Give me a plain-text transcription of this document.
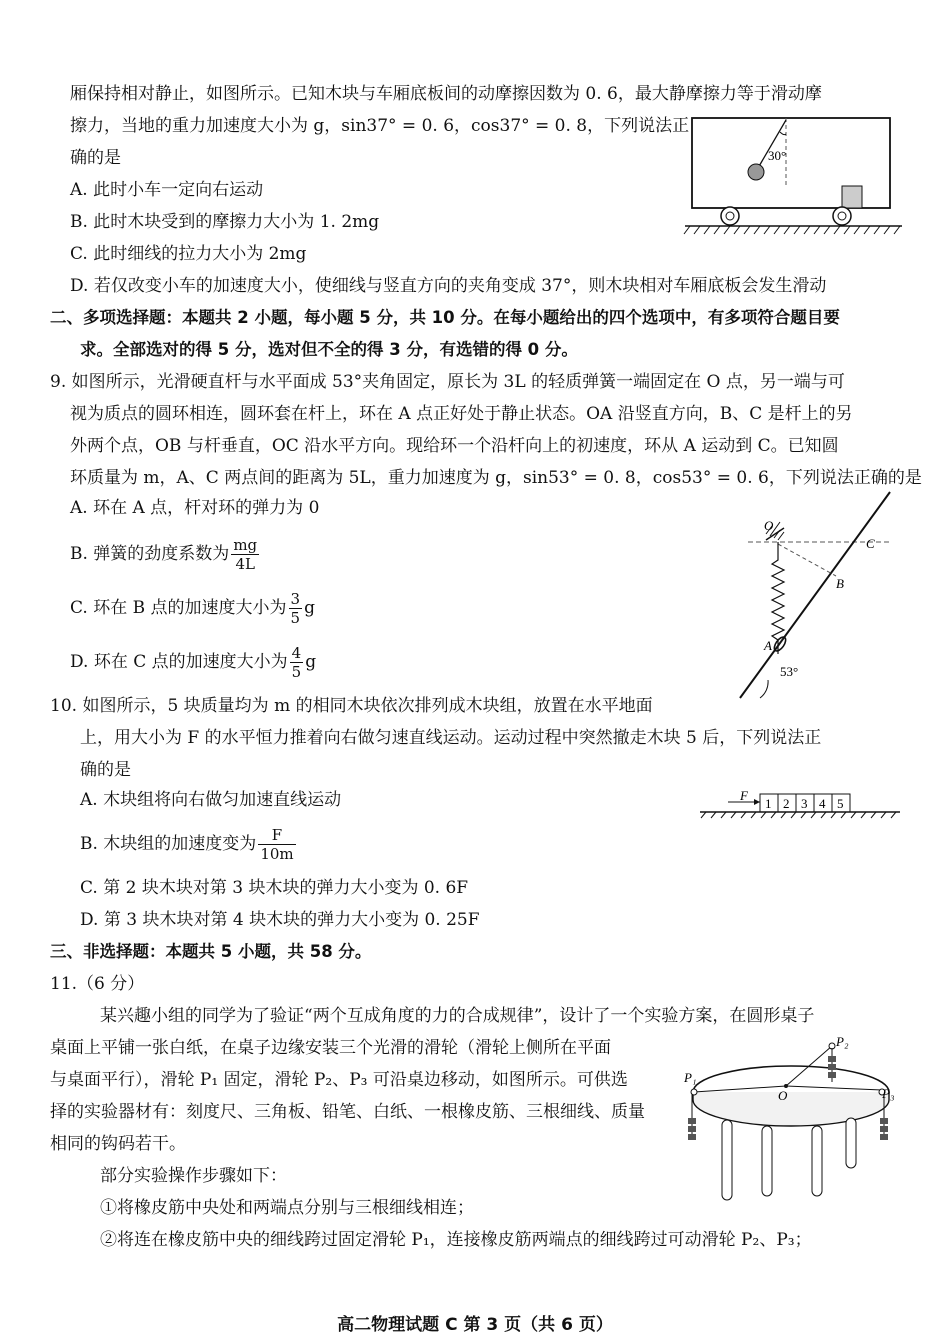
厢保持相对静止，如图所示。已知木块与车厢底板间的动摩擦因数为 0. 6，最大静摩擦力等于滑动摩
擦力，当地的重力加速度大小为 g，sin37° = 0. 6，cos37° = 0. 8，下列说法正
确的是
A. 此时小车一定向右运动
B. 此时木块受到的摩擦力大小为 1. 2mg
C. 此时细线的拉力大小为 2mg
D. 若仅改变小车的加速度大小，使细线与竖直方向的夹角变成 37°，则木块相对车厢底板会发生滑动
30°
二、多项选择题：本题共 2 小题，每小题 5 分，共 10 分。在每小题给出的四个选项中，有多项符合题目要
求。全部选对的得 5 分，选对但不全的得 3 分，有选错的得 0 分。
9. 如图所示，光滑硬直杆与水平面成 53°夹角固定，原长为 3L 的轻质弹簧一端固定在 O 点，另一端与可
视为质点的圆环相连，圆环套在杆上，环在 A 点正好处于静止状态。OA 沿竖直方向，B、C 是杆上的另
外两个点，OB 与杆垂直，OC 沿水平方向。现给环一个沿杆向上的初速度，环从 A 运动到 C。已知圆
环质量为 m，A、C 两点间的距离为 5L，重力加速度为 g，sin53° = 0. 8，cos53° = 0. 6，下列说法正确的是
A. 环在 A 点，杆对环的弹力为 0
B. 弹簧的劲度系数为 $\frac{mg}{4L}$
C. 环在 B 点的加速度大小为 $\frac{3}{5}$ g
D. 环在 C 点的加速度大小为 $\frac{4}{5}$ g
O
A
B
C
53°
10. 如图所示，5 块质量均为 m 的相同木块依次排列成木块组，放置在水平地面
上，用大小为 F 的水平恒力推着向右做匀速直线运动。运动过程中突然撤走木块 5 后，下列说法正
确的是
A. 木块组将向右做匀加速直线运动
B. 木块组的加速度变为 $\frac{F}{10m}$
C. 第 2 块木块对第 3 块木块的弹力大小变为 0. 6F
D. 第 3 块木块对第 4 块木块的弹力大小变为 0. 25F
F
1 2 3 4 5
三、非选择题：本题共 5 小题，共 58 分。
11.（6 分）
某兴趣小组的同学为了验证“两个互成角度的力的合成规律”，设计了一个实验方案，在圆形桌子
桌面上平铺一张白纸，在桌子边缘安装三个光滑的滑轮（滑轮上侧所在平面
与桌面平行），滑轮 P₁ 固定，滑轮 P₂、P₃ 可沿桌边移动，如图所示。可供选
择的实验器材有：刻度尺、三角板、铅笔、白纸、一根橡皮筋、三根细线、质量
相同的钩码若干。
部分实验操作步骤如下：
①将橡皮筋中央处和两端点分别与三根细线相连；
②将连在橡皮筋中央的细线跨过固定滑轮 P₁，连接橡皮筋两端点的细线跨过可动滑轮 P₂、P₃；
P₁
P₂
P₃
O
高二物理试题 C 第 3 页（共 6 页）
